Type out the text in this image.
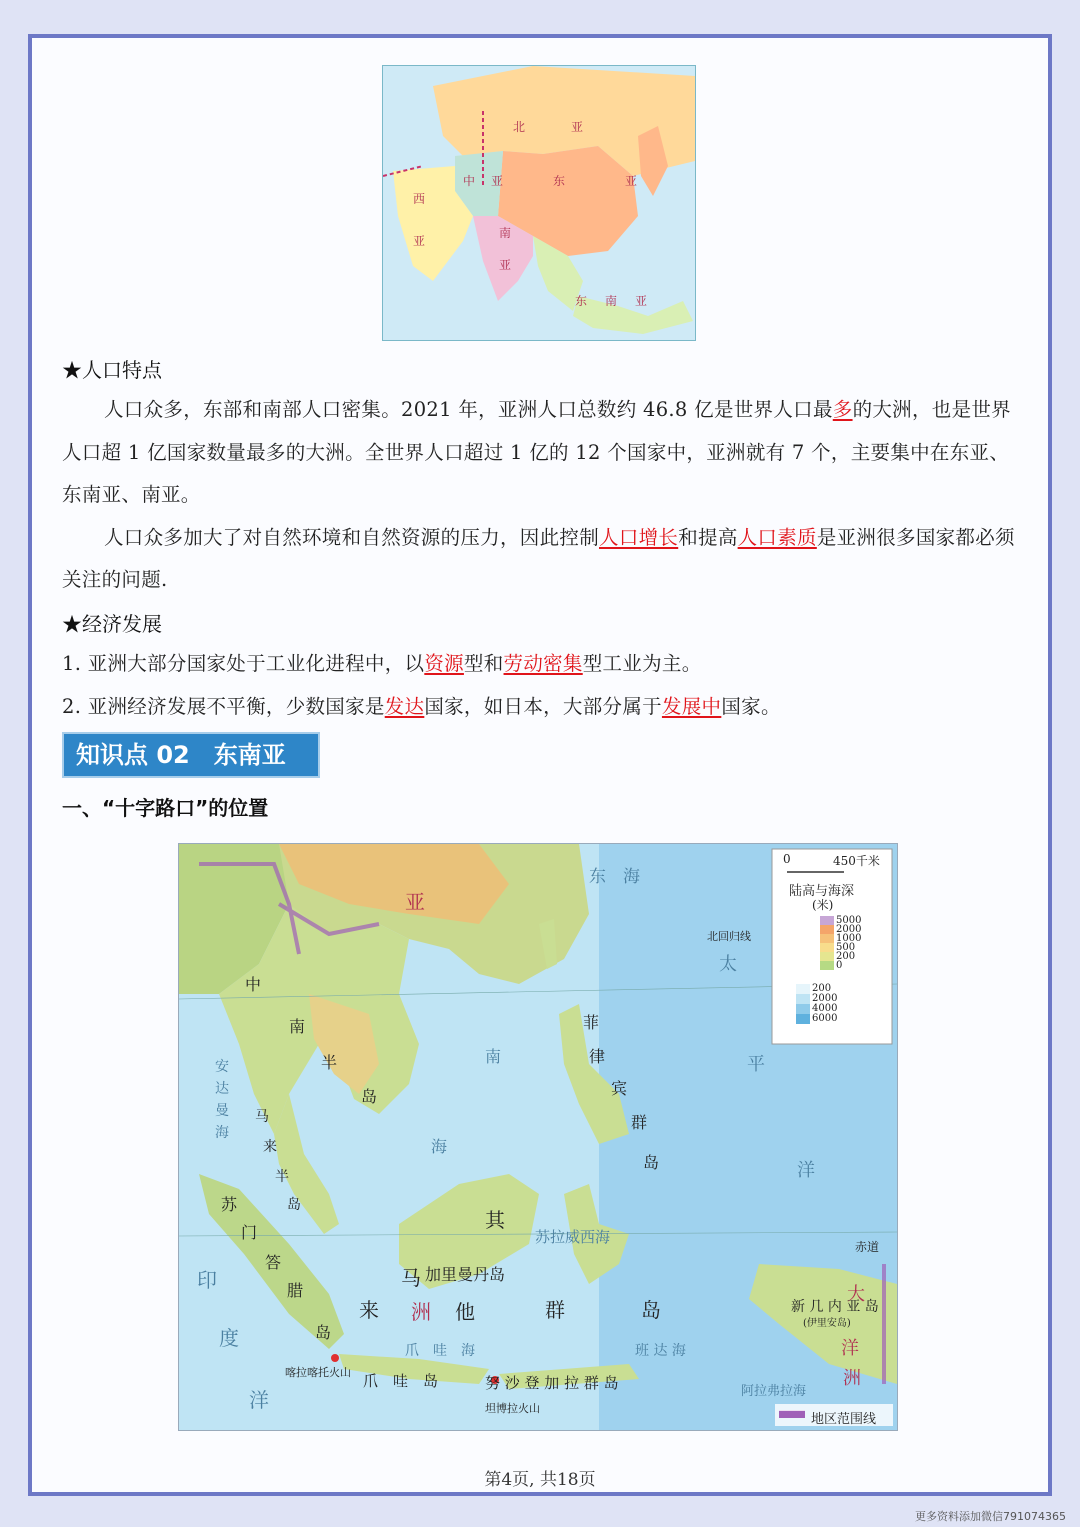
北	亚
中 亚	东	亚
西
亚
南
亚
东 南 亚
★人口特点

人口众多，东部和南部人口密集。2021 年，亚洲人口总数约 46.8 亿是世界人口最多的大洲，也是世界人口超 1 亿国家数量最多的大洲。全世界人口超过 1 亿的 12 个国家中，亚洲就有 7 个，主要集中在东亚、东南亚、南亚。

人口众多加大了对自然环境和自然资源的压力，因此控制人口增长和提高人口素质是亚洲很多国家都必须关注的问题.

★经济发展

1. 亚洲大部分国家处于工业化进程中，以资源型和劳动密集型工业为主。

2. 亚洲经济发展不平衡，少数国家是发达国家，如日本，大部分属于发展中国家。

知识点 02　东南亚
一、“十字路口”的位置
0	450千米
陆高与海深
(米)
5000
2000
1000
500
200
0
200
2000
4000
6000
地区范围线
亚
东　海
北回归线
太
平
洋
中
南
半
岛
南
海
菲
律
宾
群
岛
安
达
曼
海
马
来
半
岛
苏
门
答
腊
岛
苏拉威西海
赤道
加里曼丹岛
马
来	群	岛
其
他
印
度
洋
洲
大
洋
洲
新 几 内 亚 岛
(伊里安岛)
班 达 海
爪　哇　海
努 沙 登 加 拉 群 岛
爪　哇　岛
阿拉弗拉海
喀拉喀托火山
坦博拉火山
第4页, 共18页
更多资料添加微信791074365
